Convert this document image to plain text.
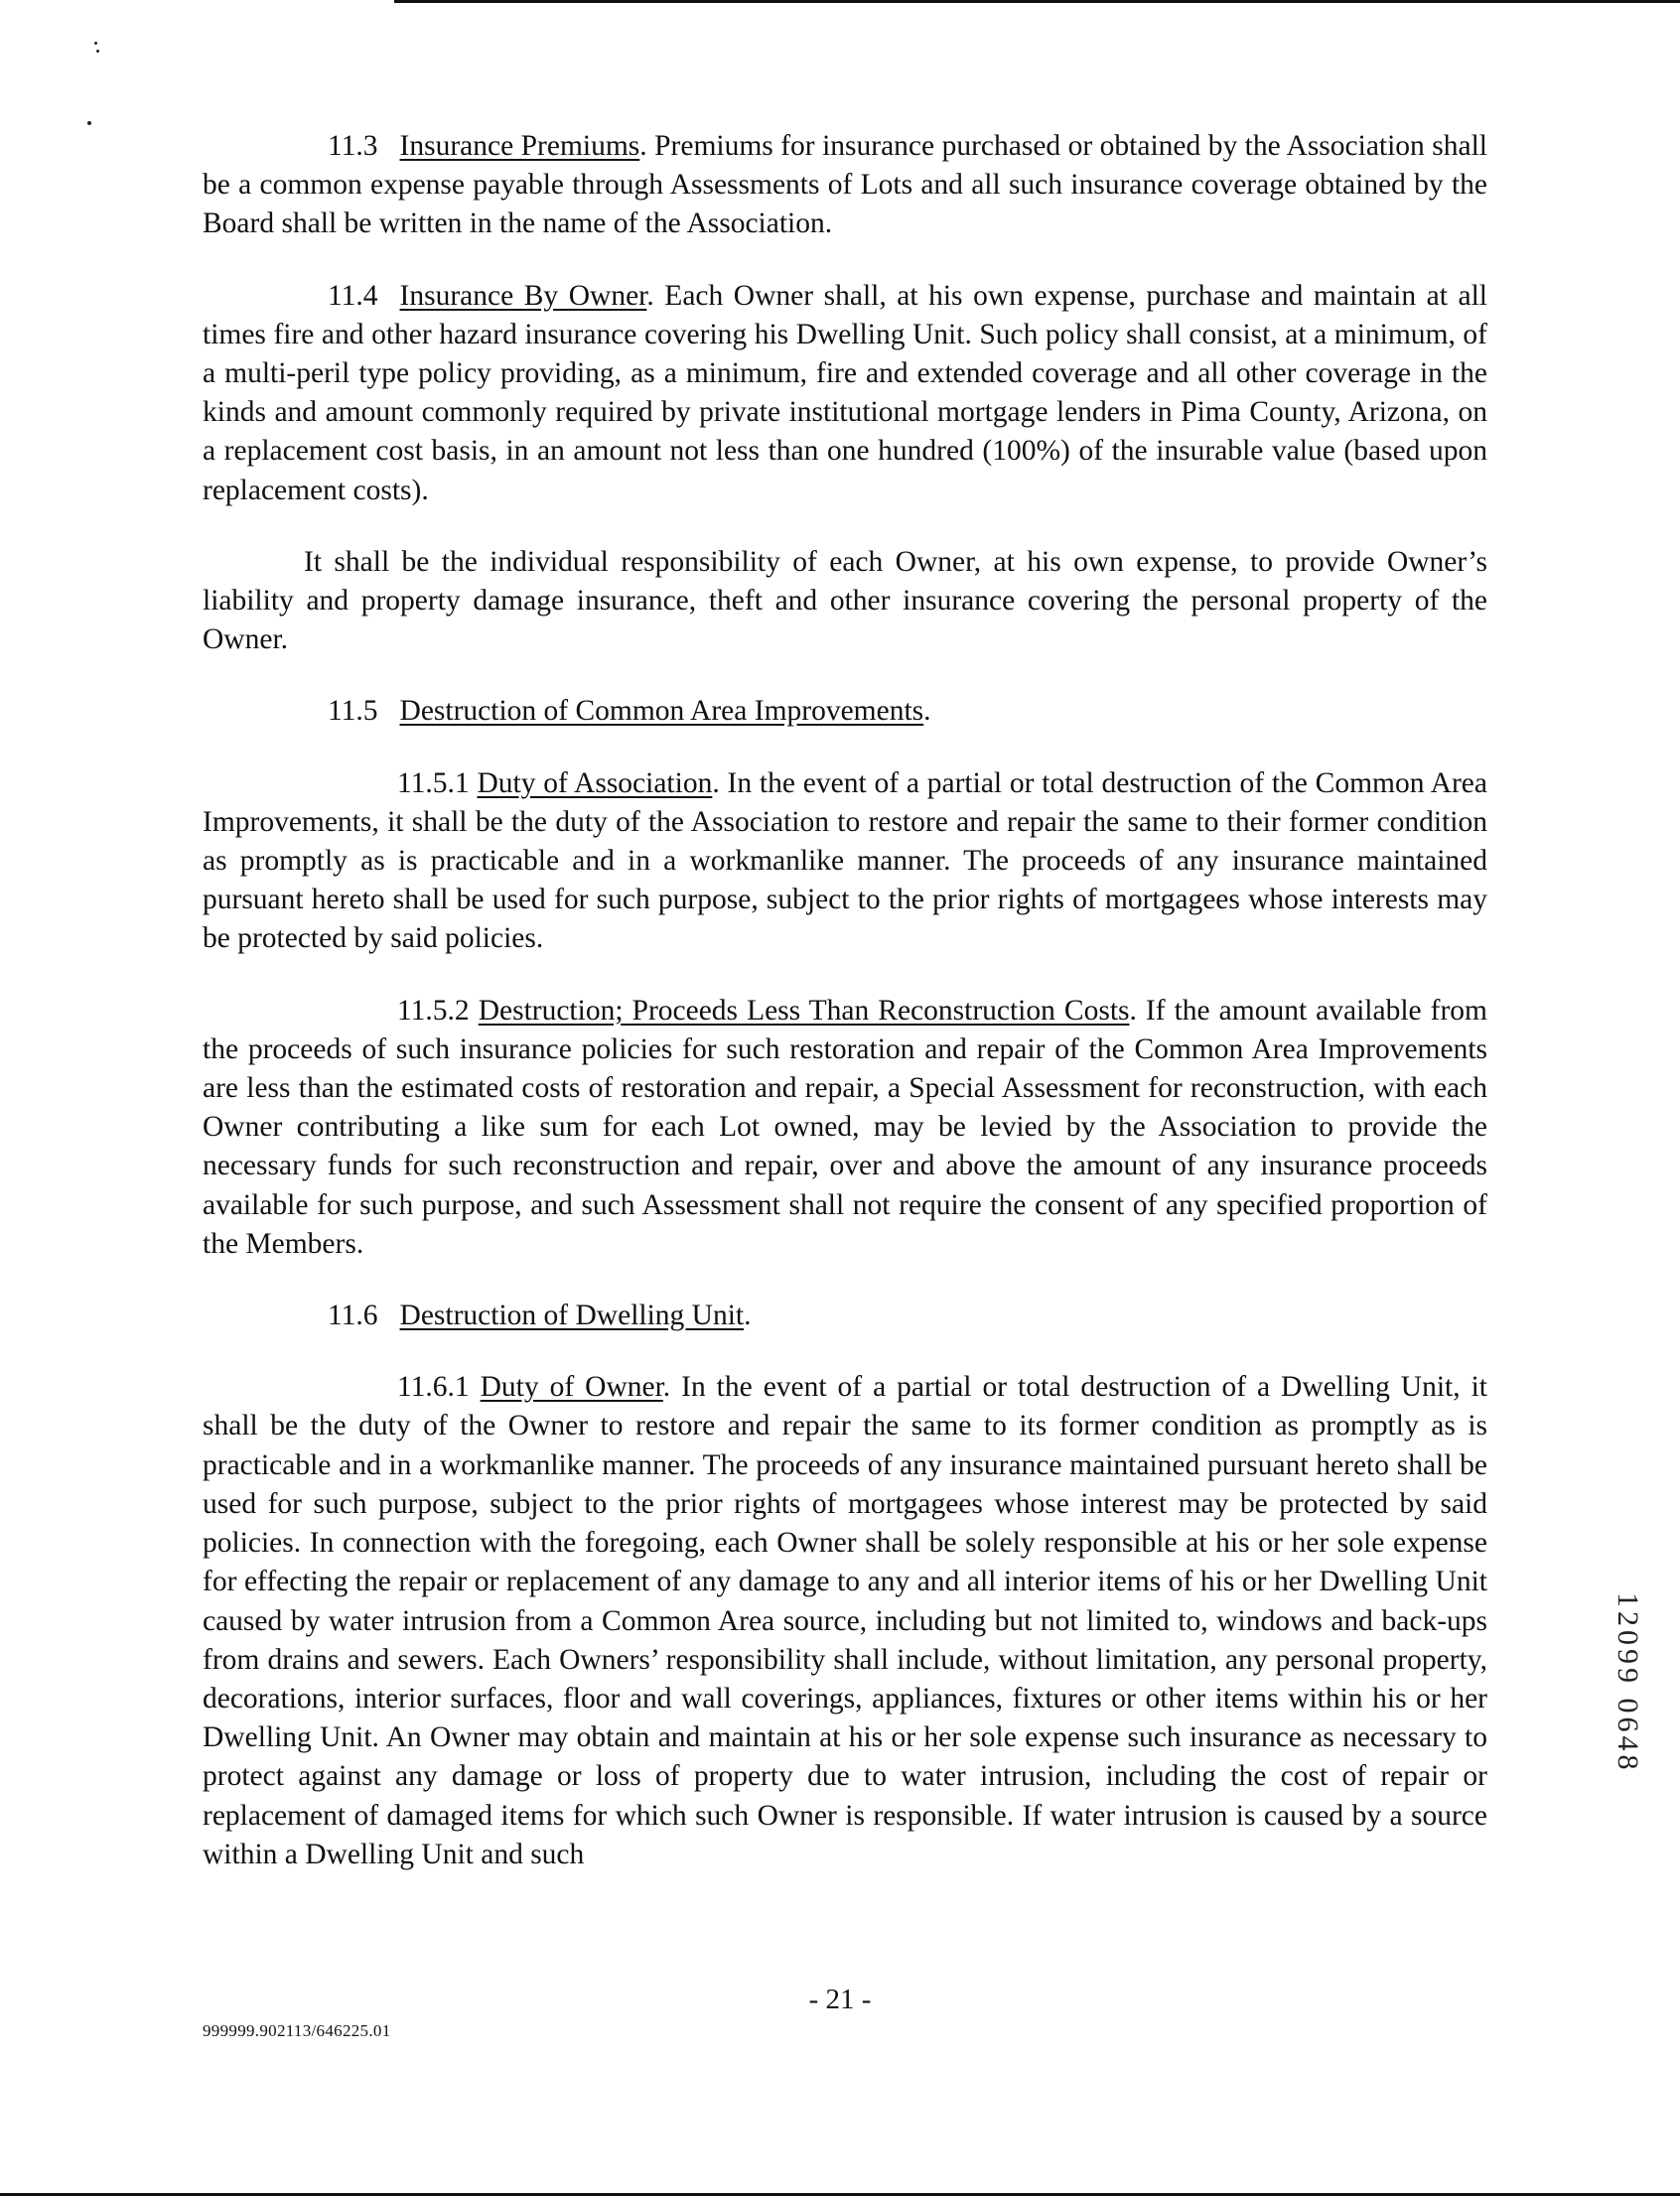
11.3 Insurance Premiums. Premiums for insurance purchased or obtained by the Association shall be a common expense payable through Assessments of Lots and all such insurance coverage obtained by the Board shall be written in the name of the Association.

11.4 Insurance By Owner. Each Owner shall, at his own expense, purchase and maintain at all times fire and other hazard insurance covering his Dwelling Unit. Such policy shall consist, at a minimum, of a multi-peril type policy providing, as a minimum, fire and extended coverage and all other coverage in the kinds and amount commonly required by private institutional mortgage lenders in Pima County, Arizona, on a replacement cost basis, in an amount not less than one hundred (100%) of the insurable value (based upon replacement costs).

It shall be the individual responsibility of each Owner, at his own expense, to provide Owner’s liability and property damage insurance, theft and other insurance covering the personal property of the Owner.

11.5 Destruction of Common Area Improvements.

11.5.1 Duty of Association. In the event of a partial or total destruction of the Common Area Improvements, it shall be the duty of the Association to restore and repair the same to their former condition as promptly as is practicable and in a workmanlike manner. The proceeds of any insurance maintained pursuant hereto shall be used for such purpose, subject to the prior rights of mortgagees whose interests may be protected by said policies.

11.5.2 Destruction; Proceeds Less Than Reconstruction Costs. If the amount available from the proceeds of such insurance policies for such restoration and repair of the Common Area Improvements are less than the estimated costs of restoration and repair, a Special Assessment for reconstruction, with each Owner contributing a like sum for each Lot owned, may be levied by the Association to provide the necessary funds for such reconstruction and repair, over and above the amount of any insurance proceeds available for such purpose, and such Assessment shall not require the consent of any specified proportion of the Members.

11.6 Destruction of Dwelling Unit.

11.6.1 Duty of Owner. In the event of a partial or total destruction of a Dwelling Unit, it shall be the duty of the Owner to restore and repair the same to its former condition as promptly as is practicable and in a workmanlike manner. The proceeds of any insurance maintained pursuant hereto shall be used for such purpose, subject to the prior rights of mortgagees whose interest may be protected by said policies. In connection with the foregoing, each Owner shall be solely responsible at his or her sole expense for effecting the repair or replacement of any damage to any and all interior items of his or her Dwelling Unit caused by water intrusion from a Common Area source, including but not limited to, windows and back-ups from drains and sewers. Each Owners’ responsibility shall include, without limitation, any personal property, decorations, interior surfaces, floor and wall coverings, appliances, fixtures or other items within his or her Dwelling Unit. An Owner may obtain and maintain at his or her sole expense such insurance as necessary to protect against any damage or loss of property due to water intrusion, including the cost of repair or replacement of damaged items for which such Owner is responsible. If water intrusion is caused by a source within a Dwelling Unit and such

- 21 -
999999.902113/646225.01
12099 0648
